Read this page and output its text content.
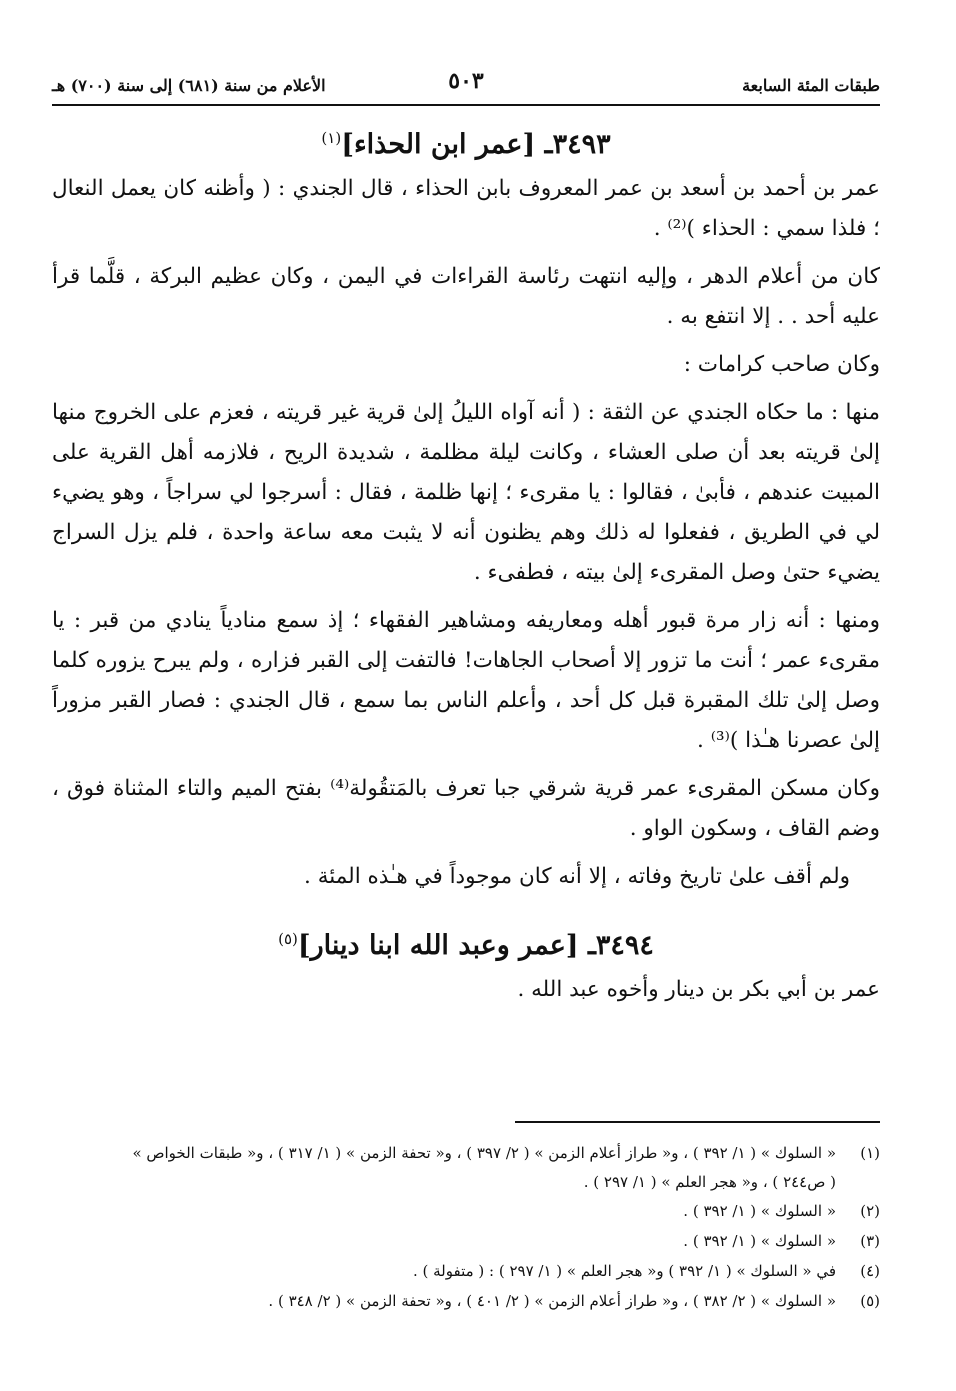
طبقات المئة السابعة
٥٠٣
الأعلام من سنة (٦٨١) إلى سنة (٧٠٠) هـ
٣٤٩٣ـ [عمر ابن الحذاء]$^{(١)}$

عمر بن أحمد بن أسعد بن عمر المعروف بابن الحذاء ، قال الجندي : ( وأظنه كان يعمل النعال ؛ فلذا سمي : الحذاء )⁽²⁾ .

كان من أعلام الدهر ، وإليه انتهت رئاسة القراءات في اليمن ، وكان عظيم البركة ، قلَّما قرأ عليه أحد . . إلا انتفع به .

وكان صاحب كرامات :

منها : ما حكاه الجندي عن الثقة : ( أنه آواه الليلُ إلىٰ قرية غير قريته ، فعزم على الخروج منها إلىٰ قريته بعد أن صلى العشاء ، وكانت ليلة مظلمة ، شديدة الريح ، فلازمه أهل القرية على المبيت عندهم ، فأبىٰ ، فقالوا : يا مقرىء ؛ إنها ظلمة ، فقال : أسرجوا لي سراجاً ، وهو يضيء لي في الطريق ، ففعلوا له ذلك وهم يظنون أنه لا يثبت معه ساعة واحدة ، فلم يزل السراج يضيء حتىٰ وصل المقرىء إلىٰ بيته ، فطفىء .

ومنها : أنه زار مرة قبور أهله ومعاريفه ومشاهير الفقهاء ؛ إذ سمع منادياً ينادي من قبر : يا مقرىء عمر ؛ أنت ما تزور إلا أصحاب الجاهات! فالتفت إلى القبر فزاره ، ولم يبرح يزوره كلما وصل إلىٰ تلك المقبرة قبل كل أحد ، وأعلم الناس بما سمع ، قال الجندي : فصار القبر مزوراً إلىٰ عصرنا هـٰذا )⁽³⁾ .

وكان مسكن المقرىء عمر قرية شرقي جبا تعرف بالمَتقُولة⁽⁴⁾ بفتح الميم والتاء المثناة فوق ، وضم القاف ، وسكون الواو .

ولم أقف علىٰ تاريخ وفاته ، إلا أنه كان موجوداً في هـٰذه المئة .

٣٤٩٤ـ [عمر وعبد الله ابنا دينار]$^{(٥)}$

عمر بن أبي بكر بن دينار وأخوه عبد الله .

(١)
« السلوك » ( ١/ ٣٩٢ ) ، و« طراز أعلام الزمن » ( ٢/ ٣٩٧ ) ، و« تحفة الزمن » ( ١/ ٣١٧ ) ، و« طبقات الخواص »
( ص٢٤٤ ) ، و« هجر العلم » ( ١/ ٢٩٧ ) .
(٢)
« السلوك » ( ١/ ٣٩٢ ) .
(٣)
« السلوك » ( ١/ ٣٩٢ ) .
(٤)
في « السلوك » ( ١/ ٣٩٢ ) و« هجر العلم » ( ١/ ٢٩٧ ) : ( متفولة ) .
(٥)
« السلوك » ( ٢/ ٣٨٢ ) ، و« طراز أعلام الزمن » ( ٢/ ٤٠١ ) ، و« تحفة الزمن » ( ٢/ ٣٤٨ ) .
